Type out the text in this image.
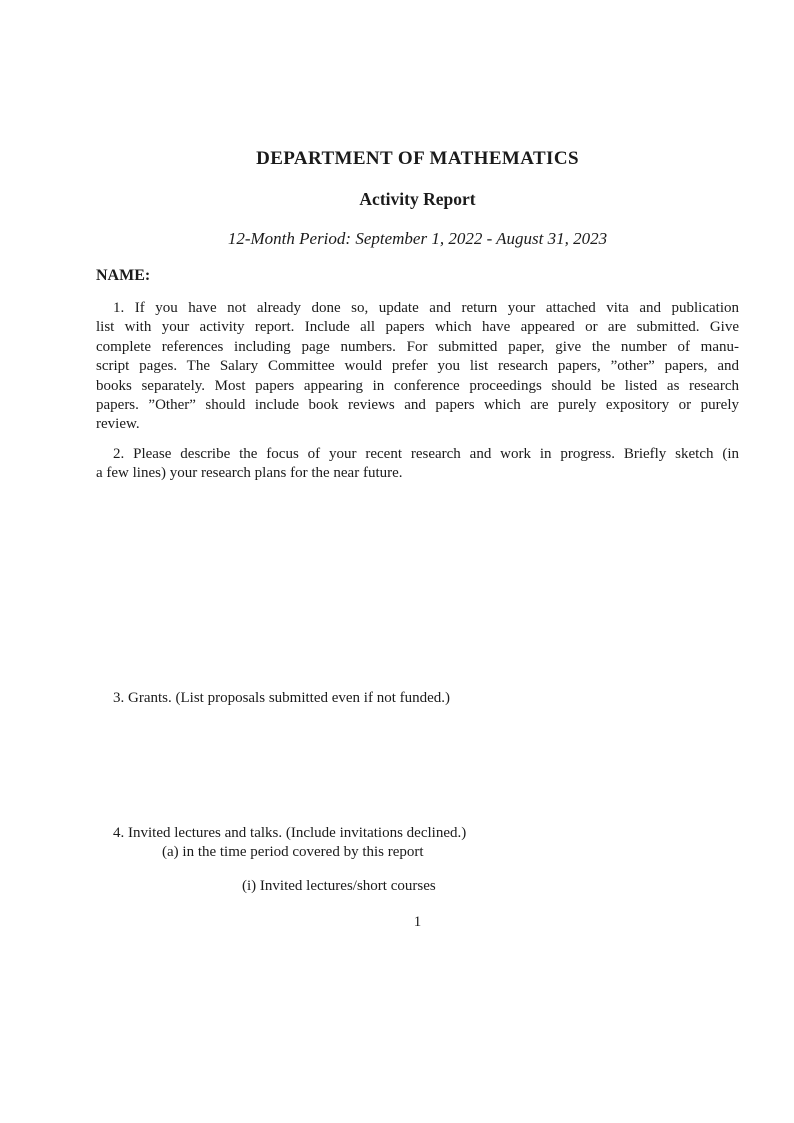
DEPARTMENT OF MATHEMATICS
Activity Report
12-Month Period: September 1, 2022 - August 31, 2023
NAME:
1. If you have not already done so, update and return your attached vita and publication
list with your activity report. Include all papers which have appeared or are submitted. Give
complete references including page numbers. For submitted paper, give the number of manu-
script pages. The Salary Committee would prefer you list research papers, ”other” papers, and
books separately. Most papers appearing in conference proceedings should be listed as research
papers. ”Other” should include book reviews and papers which are purely expository or purely
review.
2. Please describe the focus of your recent research and work in progress. Briefly sketch (in
a few lines) your research plans for the near future.
3. Grants. (List proposals submitted even if not funded.)
4. Invited lectures and talks. (Include invitations declined.)
(a) in the time period covered by this report
(i) Invited lectures/short courses
1
